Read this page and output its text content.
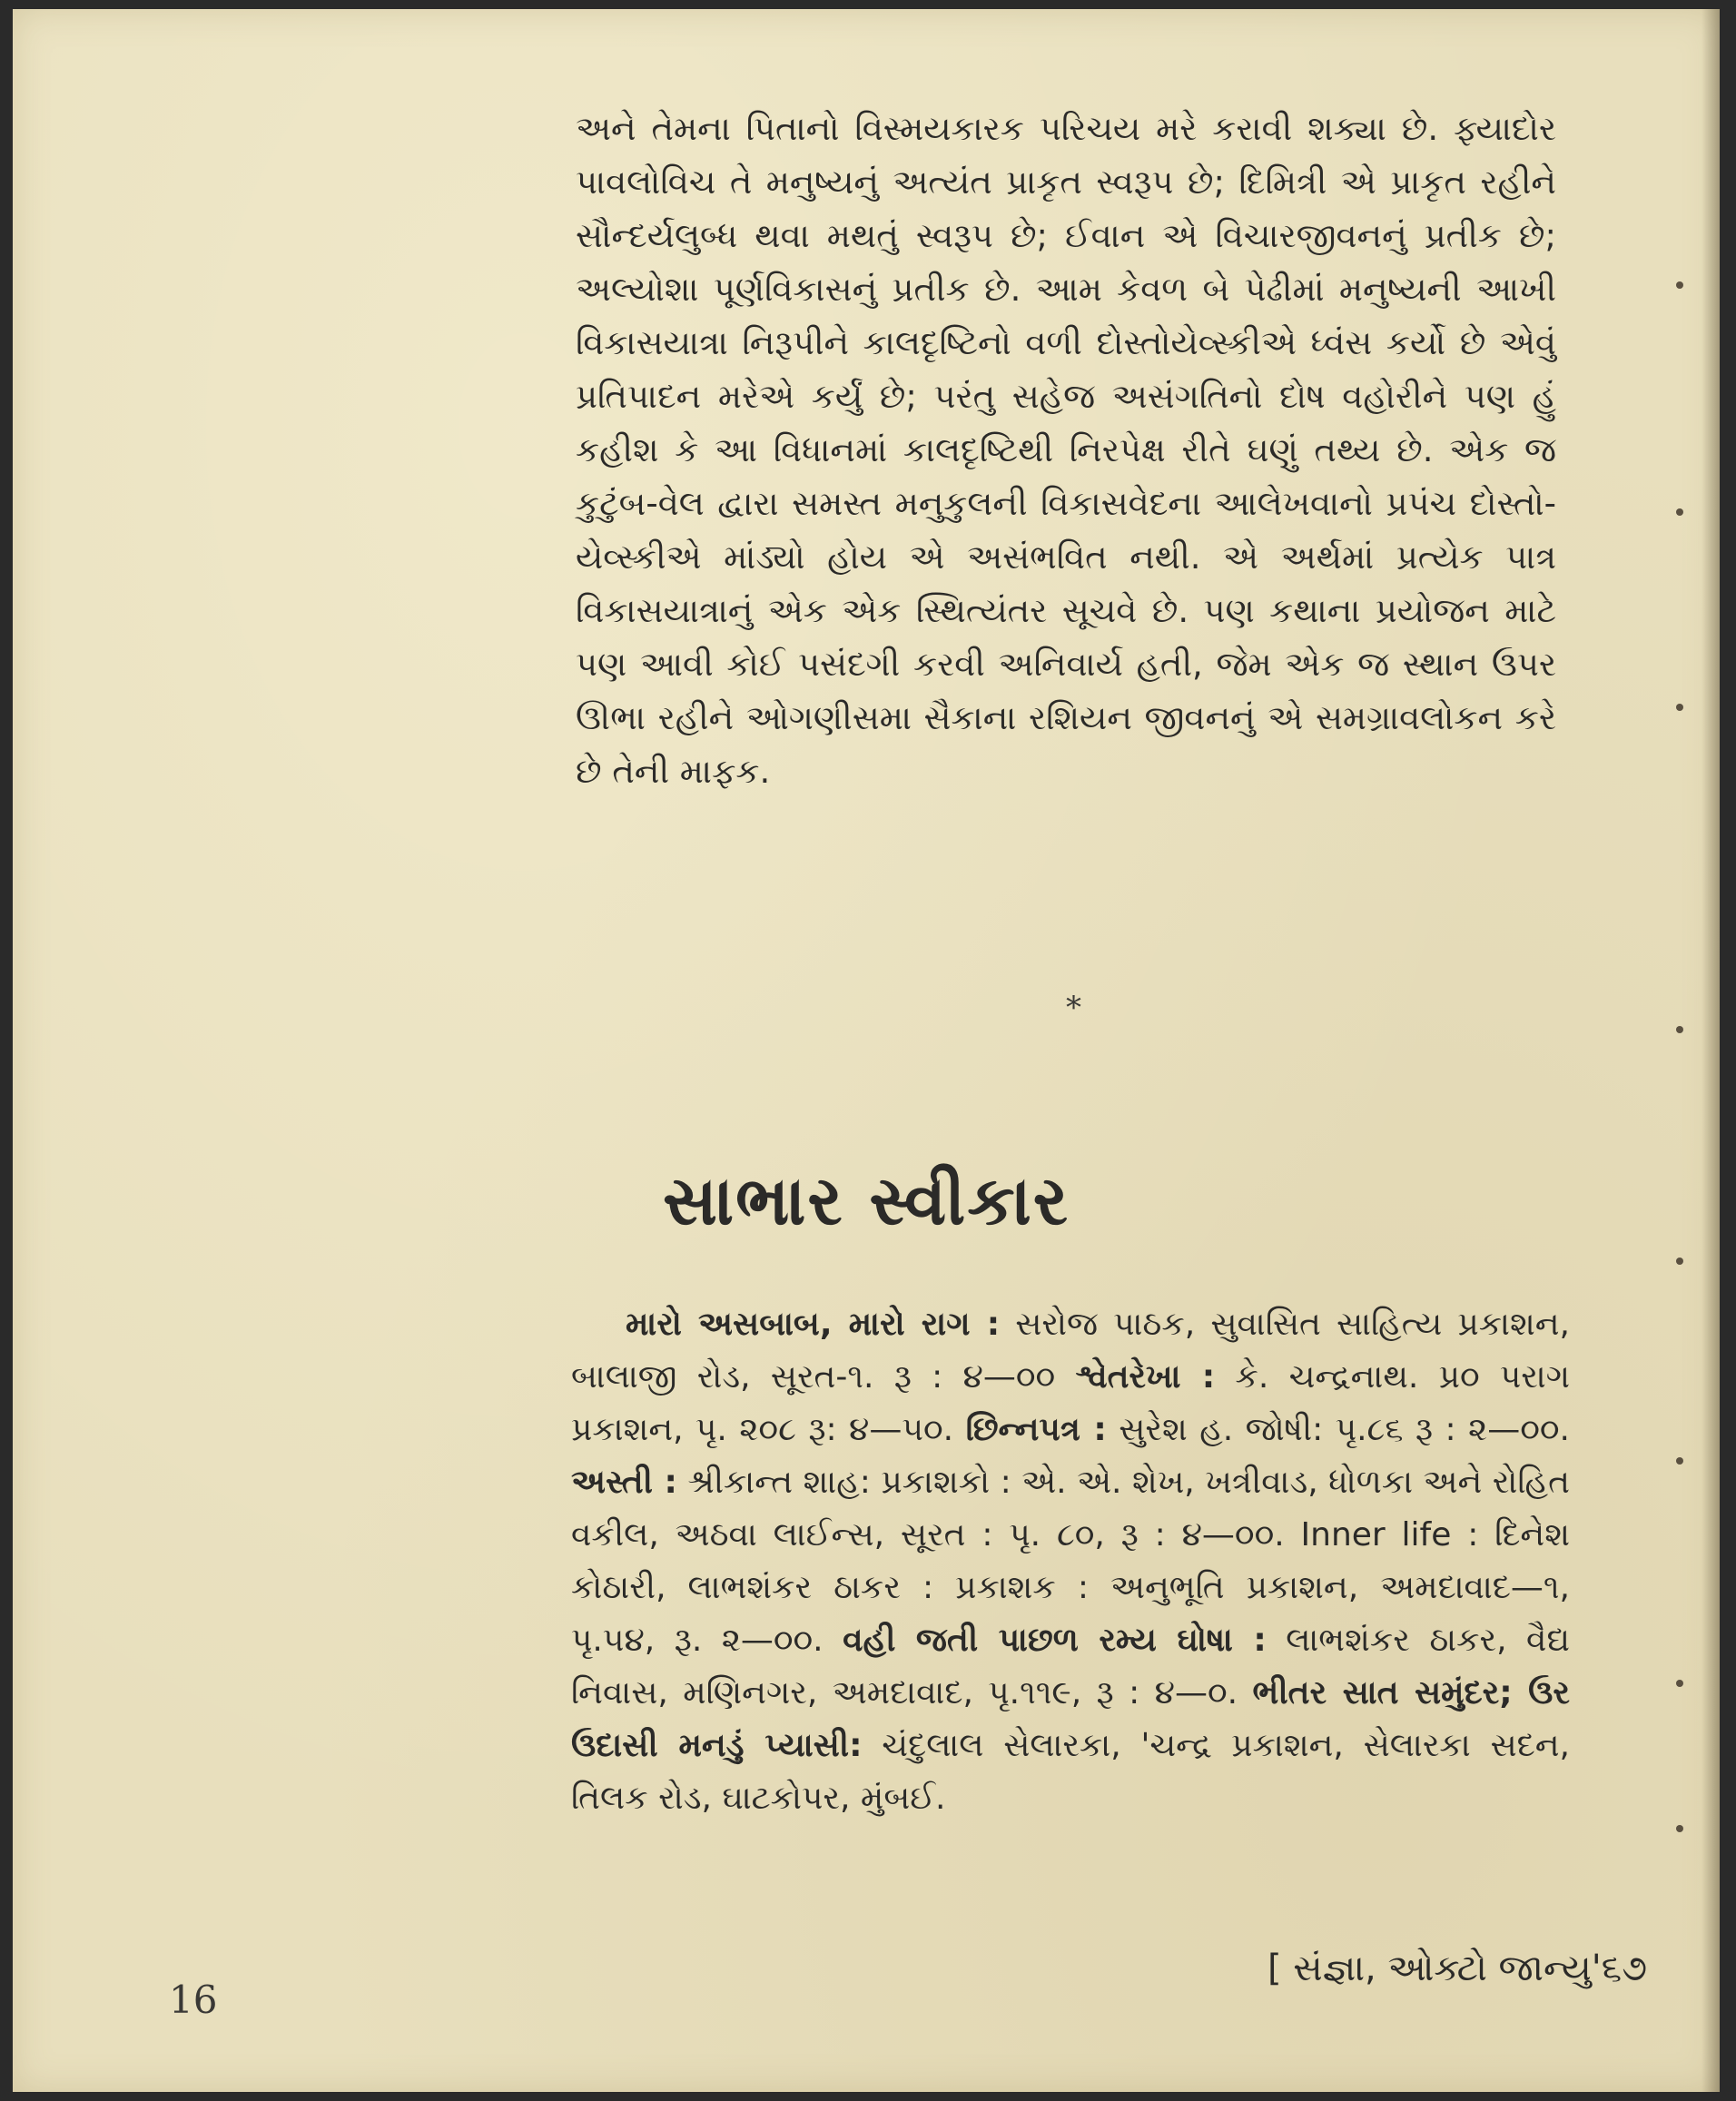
અને તેમના પિતાનો વિસ્મયકારક પરિચય મરે કરાવી શક્યા છે. ફ્યાદોર પાવલોવિચ તે મનુષ્યનું અત્યંત પ્રાકૃત સ્વરૂપ છે; દિમિત્રી એ પ્રાકૃત રહીને સૌન્દર્યલુબ્ધ થવા મથતું સ્વરૂપ છે; ઈવાન એ વિચારજીવનનું પ્રતીક છે; અલ્યોશા પૂર્ણવિકાસનું પ્રતીક છે. આમ કેવળ બે પેઢીમાં મનુષ્યની આખી વિકાસયાત્રા નિરૂપીને કાલદૃષ્ટિનો વળી દોસ્તોયેવ્સ્કીએ ધ્વંસ કર્યો છે એવું પ્રતિપાદન મરેએ કર્યું છે; પરંતુ સહેજ અસંગતિનો દોષ વહોરીને પણ હું કહીશ કે આ વિધાનમાં કાલદૃષ્ટિથી નિરપેક્ષ રીતે ઘણું તથ્ય છે. એક જ કુટુંબ-વેલ દ્વારા સમસ્ત મનુકુલની વિકાસવેદના આલેખવાનો પ્રપંચ દોસ્તો-યેવ્સ્કીએ માંડ્યો હોય એ અસંભવિત નથી. એ અર્થમાં પ્રત્યેક પાત્ર વિકાસયાત્રાનું એક એક સ્થિત્યંતર સૂચવે છે. પણ કથાના પ્રયોજન માટે પણ આવી કોઈ પસંદગી કરવી અનિવાર્ય હતી, જેમ એક જ સ્થાન ઉપર ઊભા રહીને ઓગણીસમા સૈકાના રશિયન જીવનનું એ સમગ્રાવલોકન કરે છે તેની માફક.
*
સાભાર સ્વીકાર
મારો અસબાબ, મારો રાગ : સરોજ પાઠક, સુવાસિત સાહિત્ય પ્રકાશન, બાલાજી રોડ, સૂરત-૧. રૂ : ૪—૦૦ શ્વેતરેખા : કે. ચન્દ્રનાથ. પ્ર૦ પરાગ પ્રકાશન, પૃ. ૨૦૮ રૂ: ૪—૫૦. છિન્નપત્ર : સુરેશ હ. જોષી: પૃ.૮૬ રૂ : ૨—૦૦. અસ્તી : શ્રીકાન્ત શાહ: પ્રકાશકો : એ. એ. શેખ, ખત્રીવાડ, ધોળકા અને રોહિત વકીલ, અઠવા લાઈન્સ, સૂરત : પૃ. ૮૦, રૂ : ૪—૦૦. Inner life : દિનેશ કોઠારી, લાભશંકર ઠાકર : પ્રકાશક : અનુભૂતિ પ્રકાશન, અમદાવાદ—૧, પૃ.૫૪, રૂ. ૨—૦૦. વહી જતી પાછળ રમ્ય ઘોષા : લાભશંકર ઠાકર, વૈદ્ય નિવાસ, મણિનગર, અમદાવાદ, પૃ.૧૧૯, રૂ : ૪—૦. ભીતર સાત સમુંદર; ઉર ઉદાસી મનડું પ્યાસી: ચંદુલાલ સેલારકા, 'ચન્દ્ર પ્રકાશન, સેલારકા સદન, તિલક રોડ, ઘાટકોપર, મુંબઈ.
16
[ સંજ્ઞા, ઓક્ટો જાન્યુ'૬૭
